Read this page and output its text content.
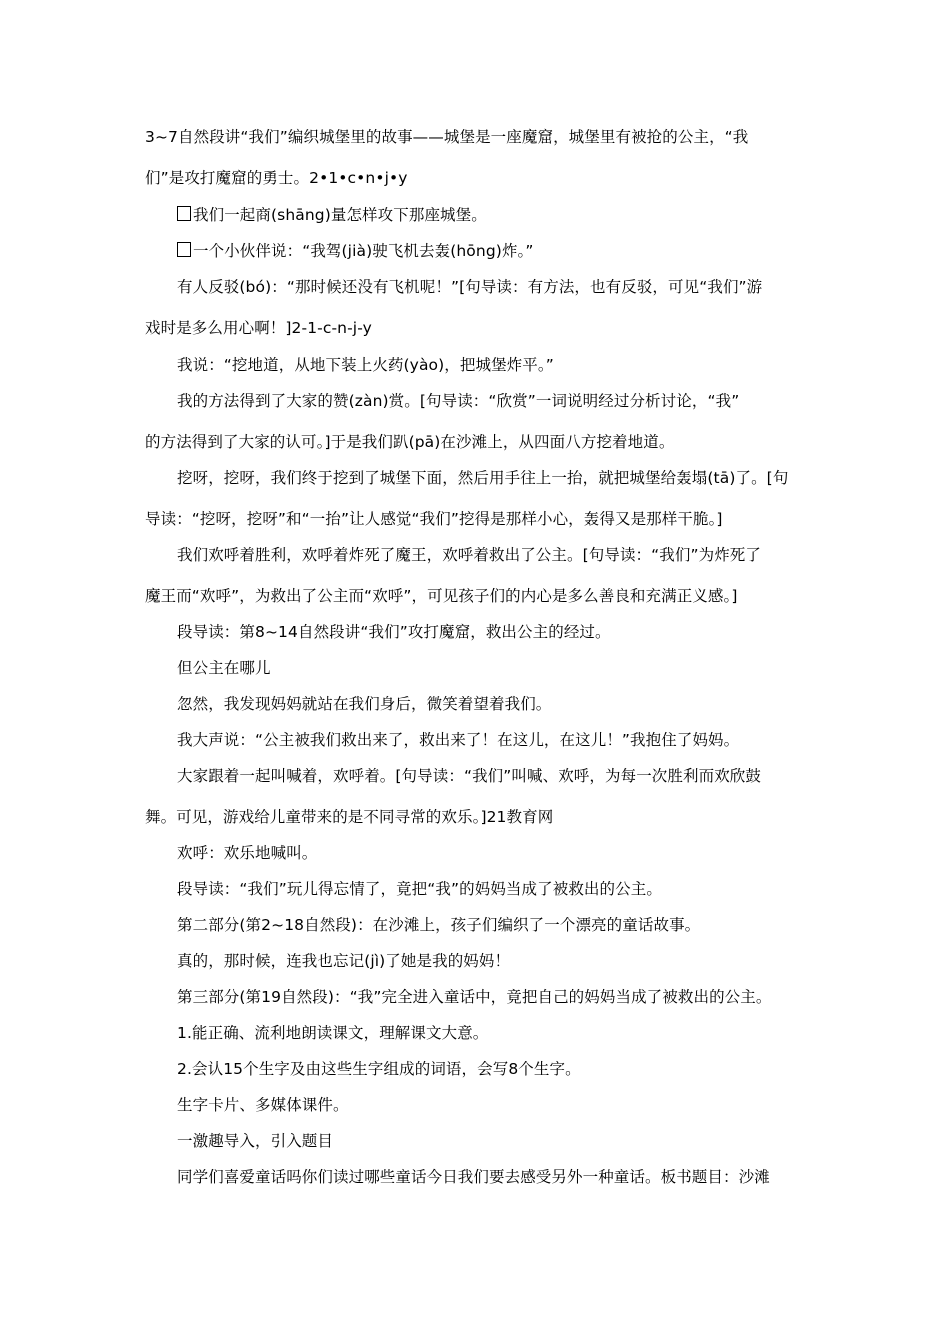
3~7自然段讲“我们”编织城堡里的故事——城堡是一座魔窟，城堡里有被抢的公主，“我
们”是攻打魔窟的勇士。2•1•c•n•j•y
我们一起商(shāng)量怎样攻下那座城堡。
一个小伙伴说：“我驾(jià)驶飞机去轰(hōng)炸。”
有人反驳(bó)：“那时候还没有飞机呢！”[句导读：有方法，也有反驳，可见“我们”游
戏时是多么用心啊！]2-1-c-n-j-y
我说：“挖地道，从地下装上火药(yào)，把城堡炸平。”
我的方法得到了大家的赞(zàn)赏。[句导读：“欣赏”一词说明经过分析讨论，“我”
的方法得到了大家的认可。]于是我们趴(pā)在沙滩上，从四面八方挖着地道。
挖呀，挖呀，我们终于挖到了城堡下面，然后用手往上一抬，就把城堡给轰塌(tā)了。[句
导读：“挖呀，挖呀”和“一抬”让人感觉“我们”挖得是那样小心，轰得又是那样干脆。]
我们欢呼着胜利，欢呼着炸死了魔王，欢呼着救出了公主。[句导读：“我们”为炸死了
魔王而“欢呼”，为救出了公主而“欢呼”，可见孩子们的内心是多么善良和充满正义感。]
段导读：第8~14自然段讲“我们”攻打魔窟，救出公主的经过。
但公主在哪儿
忽然，我发现妈妈就站在我们身后，微笑着望着我们。
我大声说：“公主被我们救出来了，救出来了！在这儿，在这儿！”我抱住了妈妈。
大家跟着一起叫喊着，欢呼着。[句导读：“我们”叫喊、欢呼，为每一次胜利而欢欣鼓
舞。可见，游戏给儿童带来的是不同寻常的欢乐。]21教育网
欢呼：欢乐地喊叫。
段导读：“我们”玩儿得忘情了，竟把“我”的妈妈当成了被救出的公主。
第二部分(第2~18自然段)：在沙滩上，孩子们编织了一个漂亮的童话故事。
真的，那时候，连我也忘记(jì)了她是我的妈妈！
第三部分(第19自然段)：“我”完全进入童话中，竟把自己的妈妈当成了被救出的公主。
1.能正确、流利地朗读课文，理解课文大意。
2.会认15个生字及由这些生字组成的词语，会写8个生字。
生字卡片、多媒体课件。
一激趣导入，引入题目
同学们喜爱童话吗你们读过哪些童话今日我们要去感受另外一种童话。板书题目：沙滩
